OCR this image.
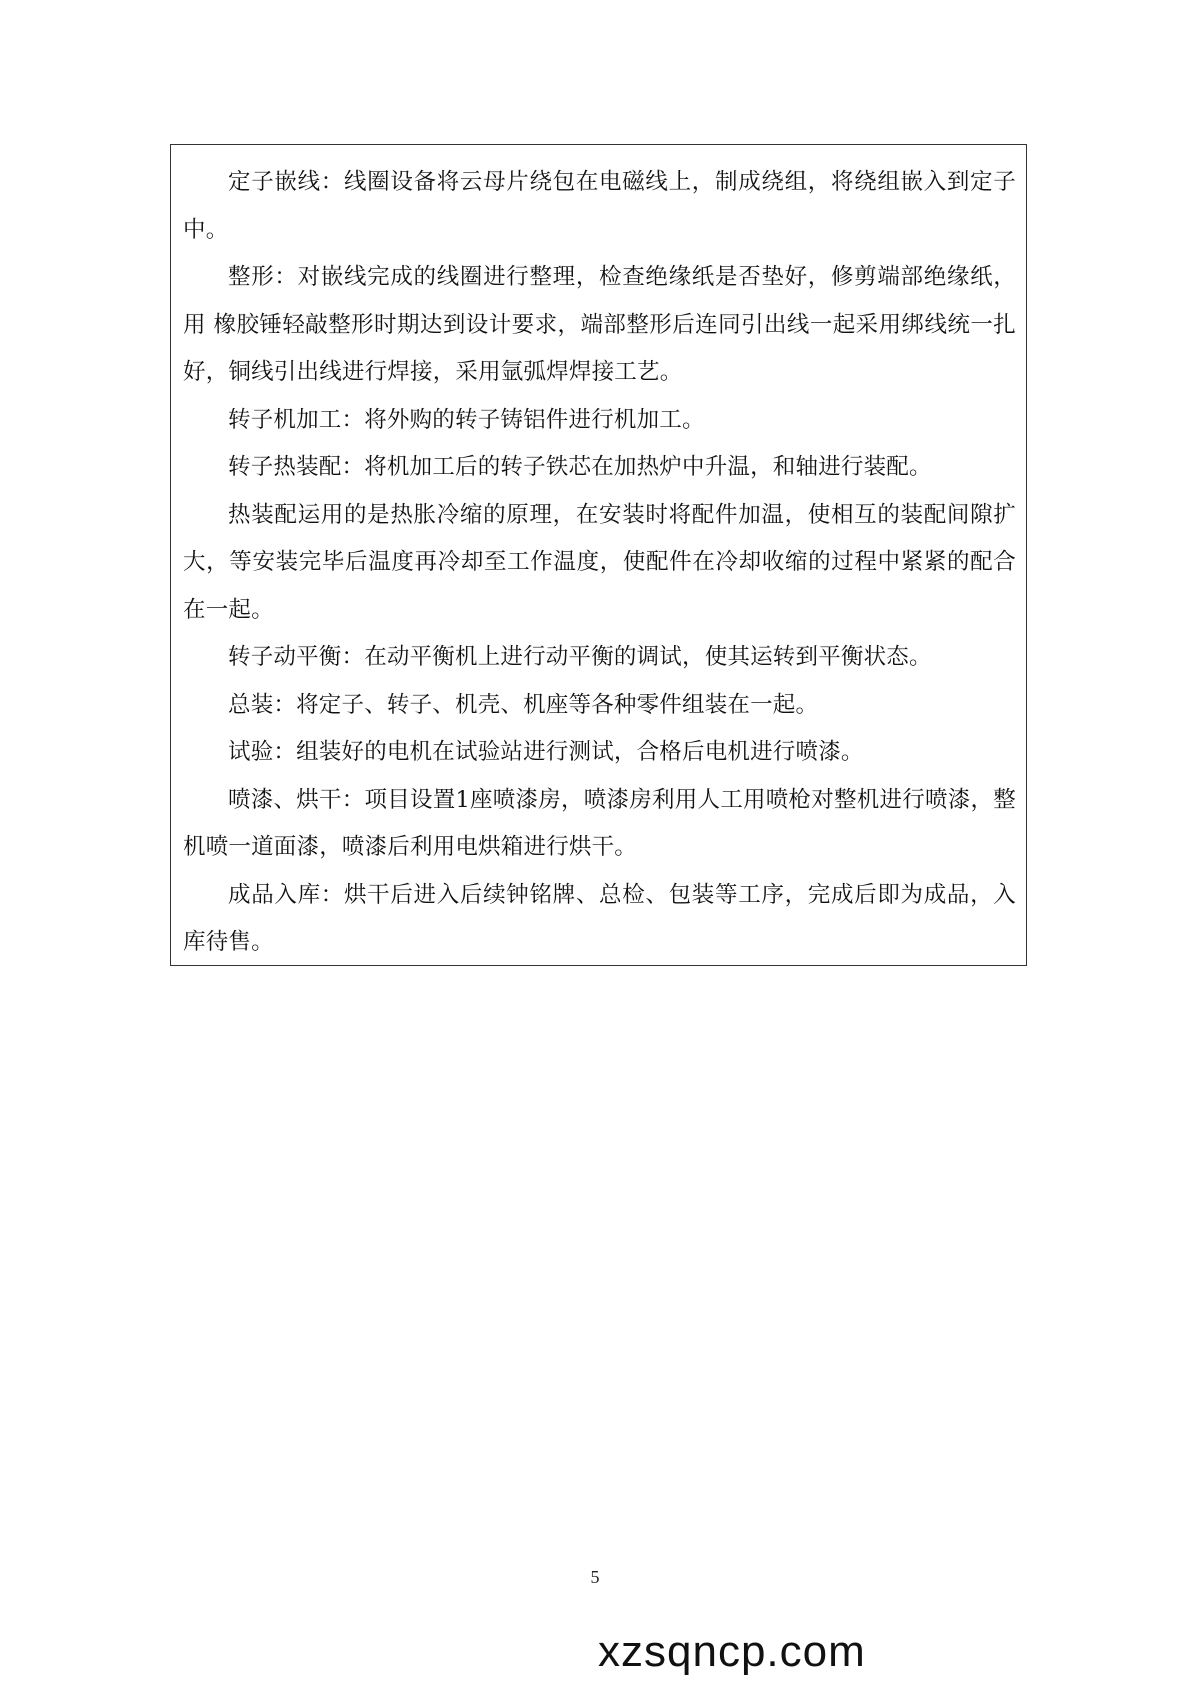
定子嵌线：线圈设备将云母片绕包在电磁线上，制成绕组，将绕组嵌入到定子中。

整形：对嵌线完成的线圈进行整理，检查绝缘纸是否垫好，修剪端部绝缘纸，用 橡胶锤轻敲整形时期达到设计要求，端部整形后连同引出线一起采用绑线统一扎好，铜线引出线进行焊接，采用氩弧焊焊接工艺。

转子机加工：将外购的转子铸铝件进行机加工。

转子热装配：将机加工后的转子铁芯在加热炉中升温，和轴进行装配。

热装配运用的是热胀冷缩的原理，在安装时将配件加温，使相互的装配间隙扩大，等安装完毕后温度再冷却至工作温度，使配件在冷却收缩的过程中紧紧的配合在一起。

转子动平衡：在动平衡机上进行动平衡的调试，使其运转到平衡状态。

总装：将定子、转子、机壳、机座等各种零件组装在一起。

试验：组装好的电机在试验站进行测试，合格后电机进行喷漆。

喷漆、烘干：项目设置1座喷漆房，喷漆房利用人工用喷枪对整机进行喷漆，整机喷一道面漆，喷漆后利用电烘箱进行烘干。

成品入库：烘干后进入后续钟铭牌、总检、包装等工序，完成后即为成品，入库待售。

5
xzsqncp.com
